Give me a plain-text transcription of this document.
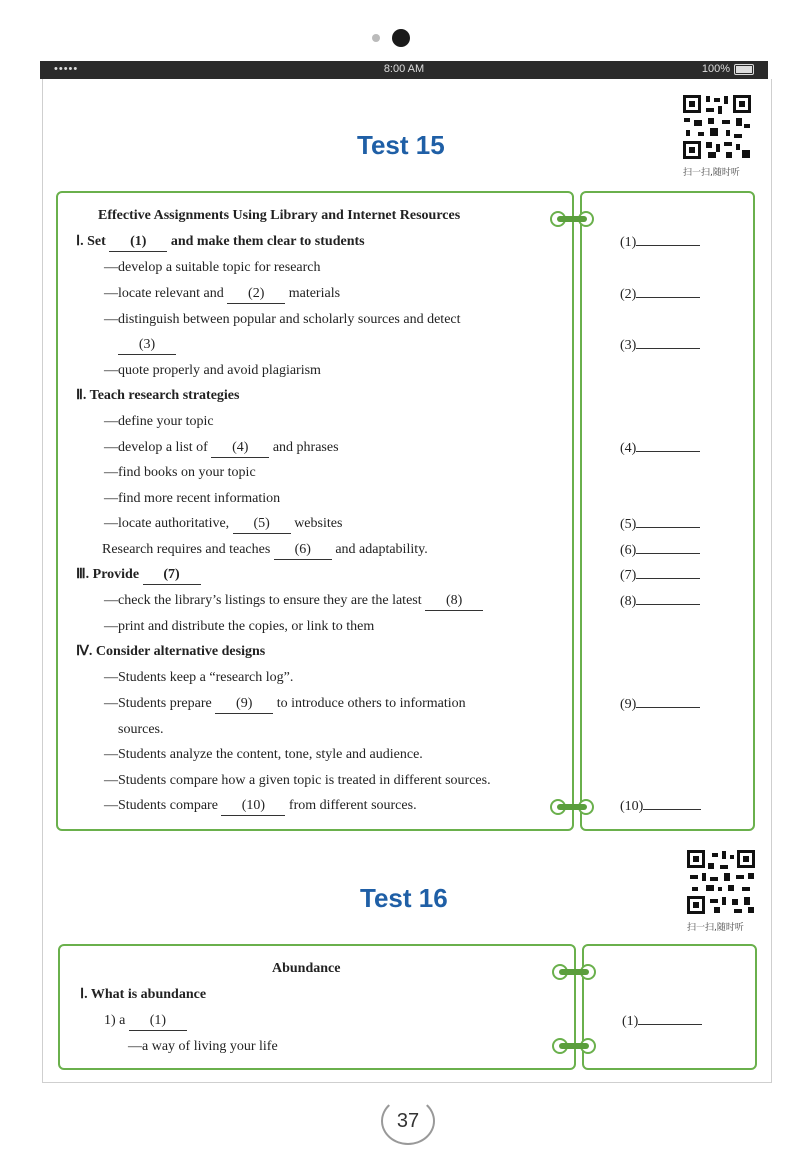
•••••	8:00 AM	100%
Test 15
扫一扫,随时听
Effective Assignments Using Library and Internet Resources
Ⅰ. Set (1) and make them clear to students
—develop a suitable topic for research
—locate relevant and (2) materials
—distinguish between popular and scholarly sources and detect
(3)
—quote properly and avoid plagiarism
Ⅱ. Teach research strategies
—define your topic
—develop a list of (4) and phrases
—find books on your topic
—find more recent information
—locate authoritative, (5) websites
Research requires and teaches (6) and adaptability.
Ⅲ. Provide (7)
—check the library’s listings to ensure they are the latest (8)
—print and distribute the copies, or link to them
Ⅳ. Consider alternative designs
—Students keep a “research log”.
—Students prepare (9) to introduce others to information
sources.
—Students analyze the content, tone, style and audience.
—Students compare how a given topic is treated in different sources.
—Students compare (10) from different sources.
(1)
(2)
(3)
(4)
(5)
(6)
(7)
(8)
(9)
(10)
Test 16
扫一扫,随时听
Abundance
Ⅰ. What is abundance
1) a (1)
—a way of living your life
(1)
37
